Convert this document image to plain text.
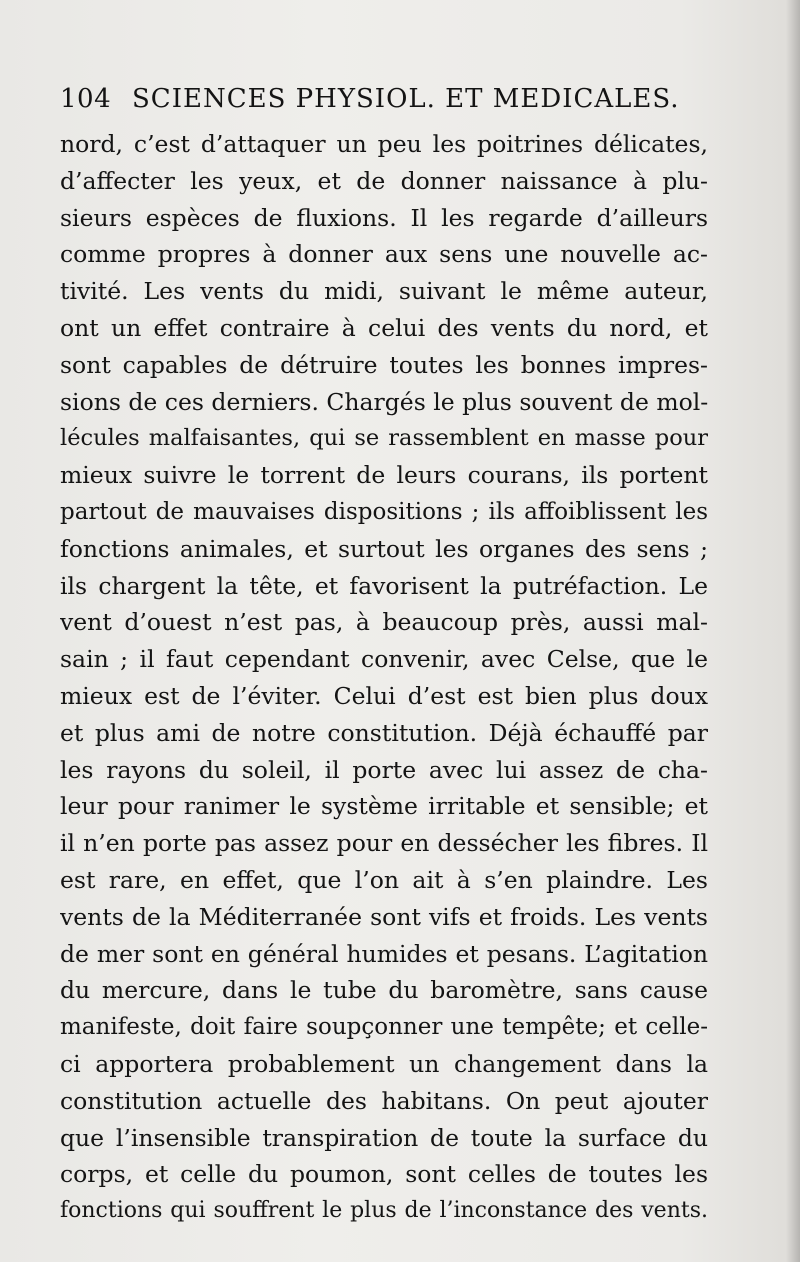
104 SCIENCES PHYSIOL. ET MEDICALES.
nord, c’est d’attaquer un peu les poitrines délicates,
d’affecter les yeux, et de donner naissance à plu-
sieurs espèces de fluxions. Il les regarde d’ailleurs
comme propres à donner aux sens une nouvelle ac-
tivité. Les vents du midi, suivant le même auteur,
ont un effet contraire à celui des vents du nord, et
sont capables de détruire toutes les bonnes impres-
sions de ces derniers. Chargés le plus souvent de mol-
lécules malfaisantes, qui se rassemblent en masse pour
mieux suivre le torrent de leurs courans, ils portent
partout de mauvaises dispositions ; ils affoiblissent les
fonctions animales, et surtout les organes des sens ;
ils chargent la tête, et favorisent la putréfaction. Le
vent d’ouest n’est pas, à beaucoup près, aussi mal-
sain ; il faut cependant convenir, avec Celse, que le
mieux est de l’éviter. Celui d’est est bien plus doux
et plus ami de notre constitution. Déjà échauffé par
les rayons du soleil, il porte avec lui assez de cha-
leur pour ranimer le système irritable et sensible; et
il n’en porte pas assez pour en dessécher les fibres. Il
est rare, en effet, que l’on ait à s’en plaindre. Les
vents de la Méditerranée sont vifs et froids. Les vents
de mer sont en général humides et pesans. L’agitation
du mercure, dans le tube du baromètre, sans cause
manifeste, doit faire soupçonner une tempête; et celle-
ci apportera probablement un changement dans la
constitution actuelle des habitans. On peut ajouter
que l’insensible transpiration de toute la surface du
corps, et celle du poumon, sont celles de toutes les
fonctions qui souffrent le plus de l’inconstance des vents.
